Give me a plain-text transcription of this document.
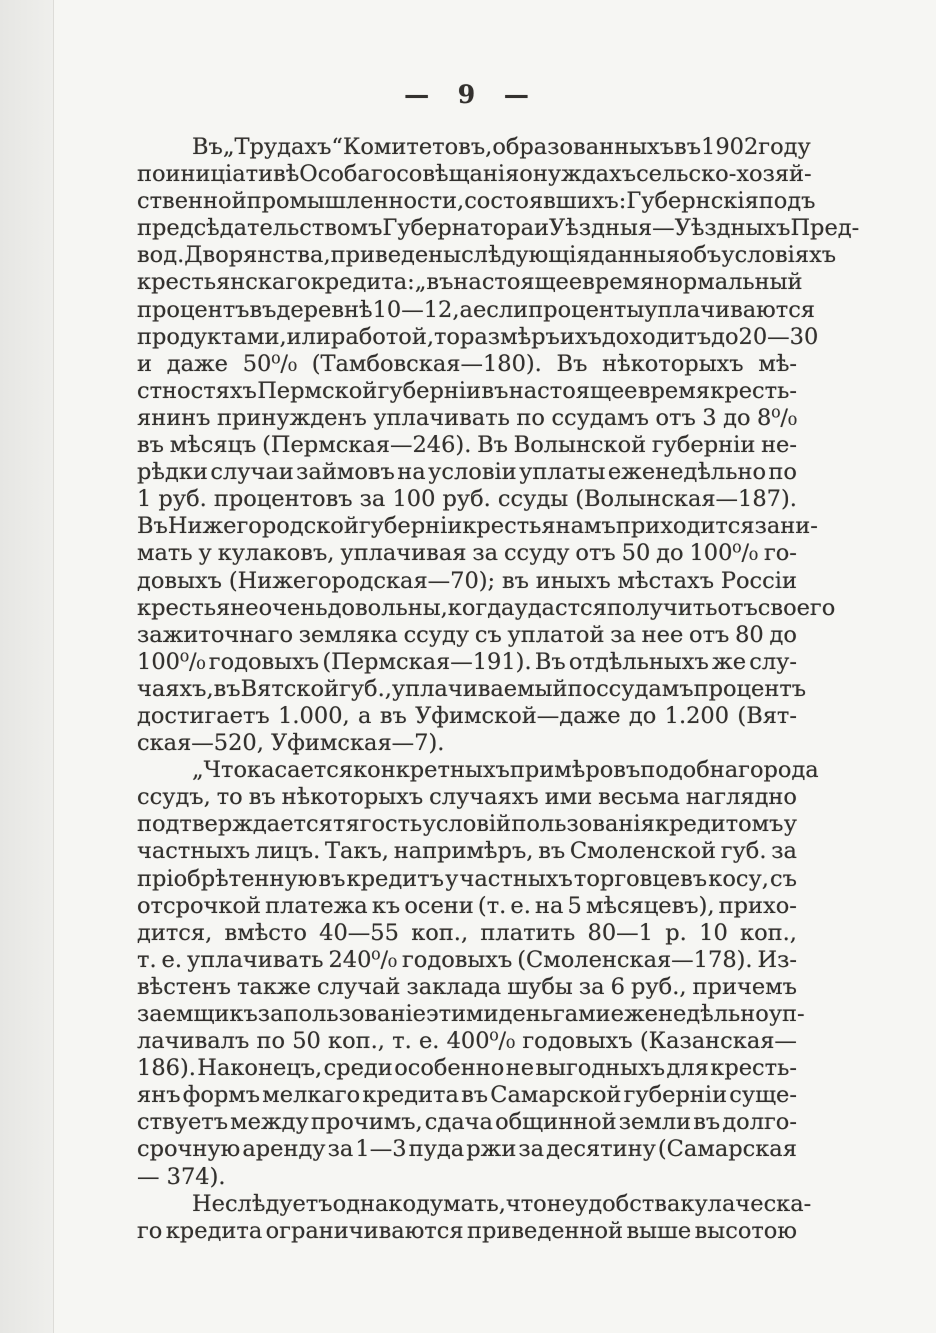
— 9 —
Въ „Трудахъ“ Комитетовъ, образованныхъ въ 1902 году
по иниціативѣ Особаго совѣщанія о нуждахъ сельско-хозяй-
ственной промышленности, состоявшихъ: Губернскія подъ
предсѣдательствомъ Губернатора и Уѣздныя—Уѣздныхъ Пред-
вод. Дворянства, приведены слѣдующія данныя объ условіяхъ
крестьянскаго кредита: „въ настоящее время нормальный
процентъ въ деревнѣ 10—12, а если проценты уплачиваются
продуктами, или работой, то размѣръ ихъ доходитъ до 20—30
и даже 50⁰/₀ (Тамбовская—180). Въ нѣкоторыхъ мѣ-
стностяхъ Пермской губерніи въ настоящее время кресть-
янинъ принужденъ уплачивать по ссудамъ отъ 3 до 8⁰/₀
въ мѣсяцъ (Пермская—246). Въ Волынской губерніи не-
рѣдки случаи займовъ на условіи уплаты еженедѣльно по
1 руб. процентовъ за 100 руб. ссуды (Волынская—187).
Въ Нижегородской губерніи крестьянамъ приходится зани-
мать у кулаковъ, уплачивая за ссуду отъ 50 до 100⁰/₀ го-
довыхъ (Нижегородская—70); въ иныхъ мѣстахъ Россіи
крестьяне очень довольны, когда удастся получить отъ своего
зажиточнаго земляка ссуду съ уплатой за нее отъ 80 до
100⁰/₀ годовыхъ (Пермская—191). Въ отдѣльныхъ же слу-
чаяхъ, въ Вятской губ., уплачиваемый по ссудамъ процентъ
достигаетъ 1.000, а въ Уфимской—даже до 1.200 (Вят-
ская—520, Уфимская—7).
„Что касается конкретныхъ примѣровъ подобнаго рода
ссудъ, то въ нѣкоторыхъ случаяхъ ими весьма наглядно
подтверждается тягость условій пользованія кредитомъ у
частныхъ лицъ. Такъ, напримѣръ, въ Смоленской губ. за
пріобрѣтенную въ кредитъ у частныхъ торговцевъ косу, съ
отсрочкой платежа къ осени (т. е. на 5 мѣсяцевъ), прихо-
дится, вмѣсто 40—55 коп., платить 80—1 р. 10 коп.,
т. е. уплачивать 240⁰/₀ годовыхъ (Смоленская—178). Из-
вѣстенъ также случай заклада шубы за 6 руб., причемъ
заемщикъ за пользованіе этими деньгами еженедѣльно уп-
лачивалъ по 50 коп., т. е. 400⁰/₀ годовыхъ (Казанская—
186). Наконецъ, среди особенно не выгодныхъ для кресть-
янъ формъ мелкаго кредита въ Самарской губерніи суще-
ствуетъ между прочимъ, сдача общинной земли въ долго-
срочную аренду за 1—3 пуда ржи за десятину (Самарская
— 374).
Не слѣдуетъ однако думать, что неудобства кулаческа-
го кредита ограничиваются приведенной выше высотою
